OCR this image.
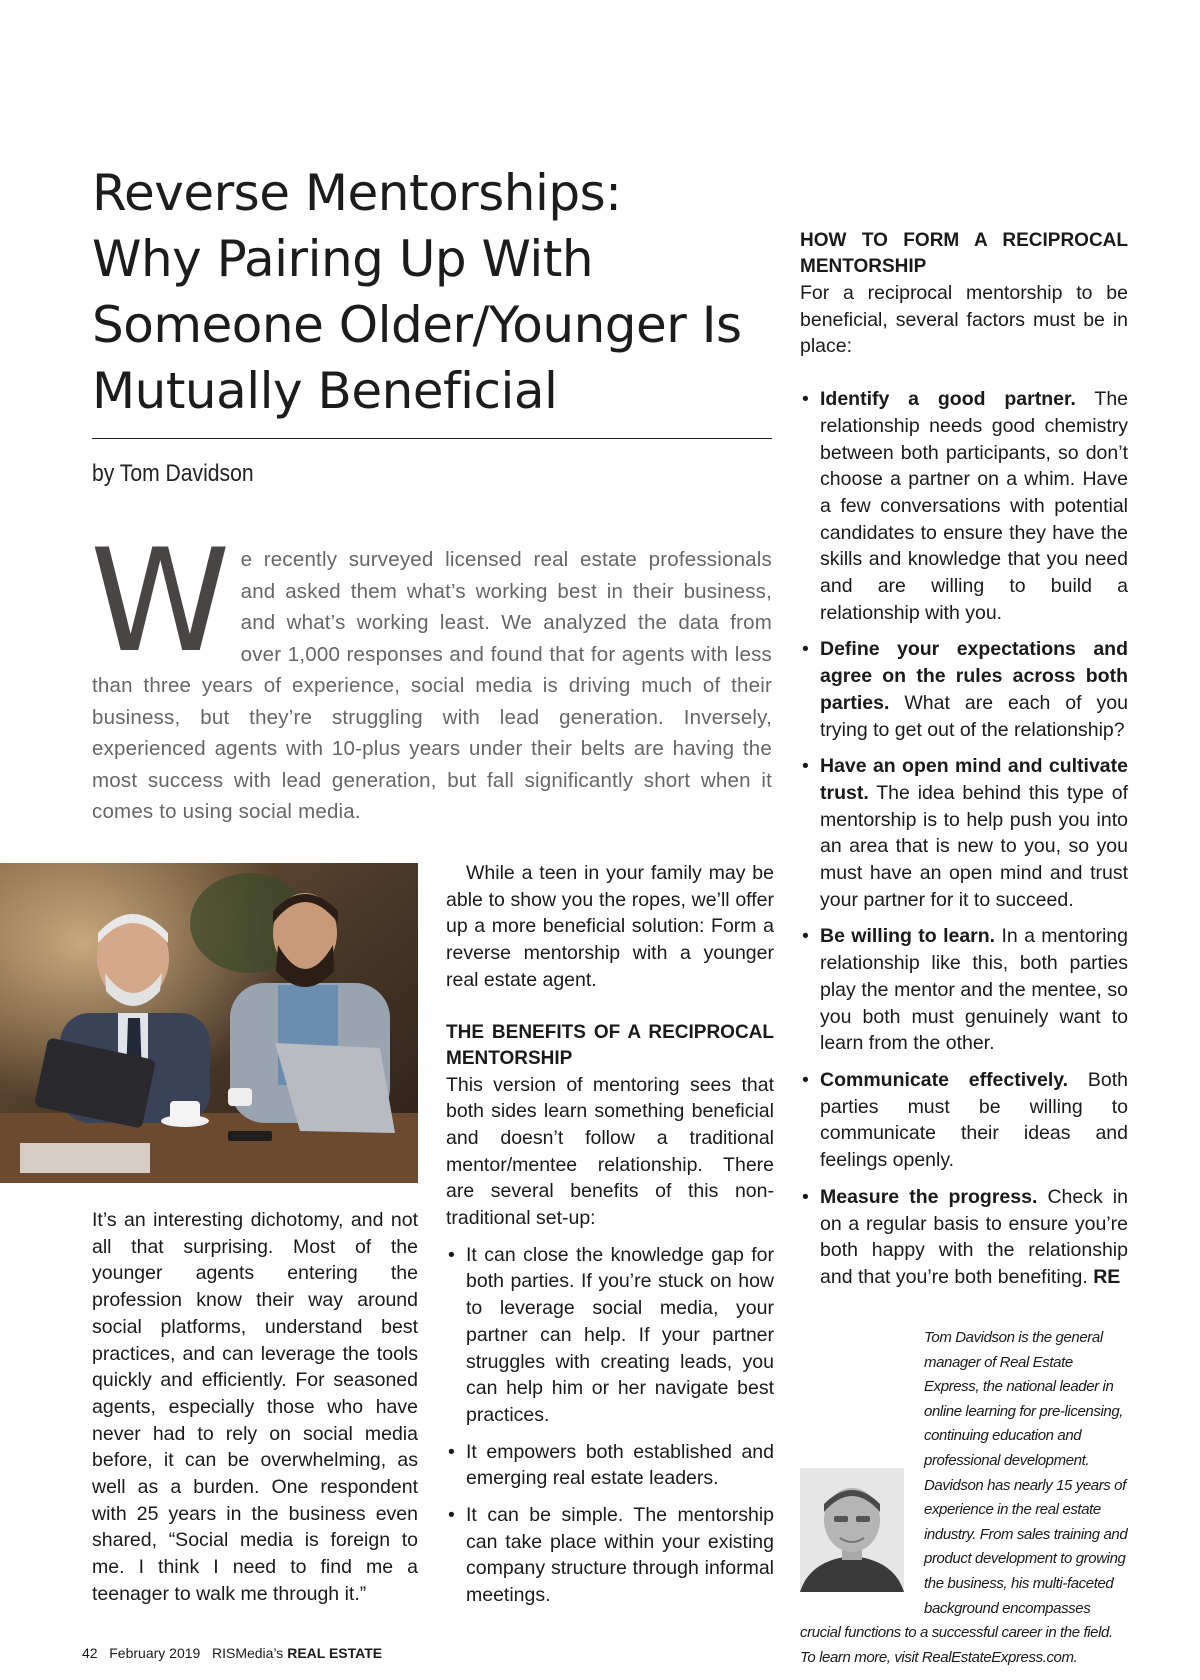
Reverse Mentorships:
Why Pairing Up With
Someone Older/Younger Is
Mutually Beneficial
by Tom Davidson

We recently surveyed licensed real estate professionals and asked them what’s working best in their business, and what’s working least. We analyzed the data from over 1,000 responses and found that for agents with less than three years of experience, social media is driving much of their business, but they’re struggling with lead generation. Inversely, experienced agents with 10-plus years under their belts are having the most success with lead generation, but fall significantly short when it comes to using social media.

It’s an interesting dichotomy, and not all that surprising. Most of the younger agents entering the profession know their way around social platforms, understand best practices, and can leverage the tools quickly and efficiently. For seasoned agents, especially those who have never had to rely on social media before, it can be overwhelming, as well as a burden. One respondent with 25 years in the business even shared, “Social media is foreign to me. I think I need to find me a teenager to walk me through it.”

While a teen in your family may be able to show you the ropes, we’ll offer up a more beneficial solution: Form a reverse mentorship with a younger real estate agent.

THE BENEFITS OF A RECIPROCAL MENTORSHIP

This version of mentoring sees that both sides learn something beneficial and doesn’t follow a traditional mentor/mentee relationship. There are several benefits of this non-traditional set-up:

• It can close the knowledge gap for both parties. If you’re stuck on how to leverage social media, your partner can help. If your partner struggles with creating leads, you can help him or her navigate best practices.
• It empowers both established and emerging real estate leaders.
• It can be simple. The mentorship can take place within your existing company structure through informal meetings.
HOW TO FORM A RECIPROCAL MENTORSHIP

For a reciprocal mentorship to be beneficial, several factors must be in place:

• Identify a good partner. The relationship needs good chemistry between both participants, so don’t choose a partner on a whim. Have a few conversations with potential candidates to ensure they have the skills and knowledge that you need and are willing to build a relationship with you.
• Define your expectations and agree on the rules across both parties. What are each of you trying to get out of the relationship?
• Have an open mind and cultivate trust. The idea behind this type of mentorship is to help push you into an area that is new to you, so you must have an open mind and trust your partner for it to succeed.
• Be willing to learn. In a mentoring relationship like this, both parties play the mentor and the mentee, so you both must genuinely want to learn from the other.
• Communicate effectively. Both parties must be willing to communicate their ideas and feelings openly.
• Measure the progress. Check in on a regular basis to ensure you’re both happy with the relationship and that you’re both benefiting. RE

Tom Davidson is the general manager of Real Estate Express, the national leader in online learning for pre-licensing, continuing education and professional development. Davidson has nearly 15 years of experience in the real estate industry. From sales training and product development to growing the business, his multi-faceted background encompasses crucial functions to a successful career in the field. To learn more, visit RealEstateExpress.com.

42 February 2019 RISMedia’s REAL ESTATE
